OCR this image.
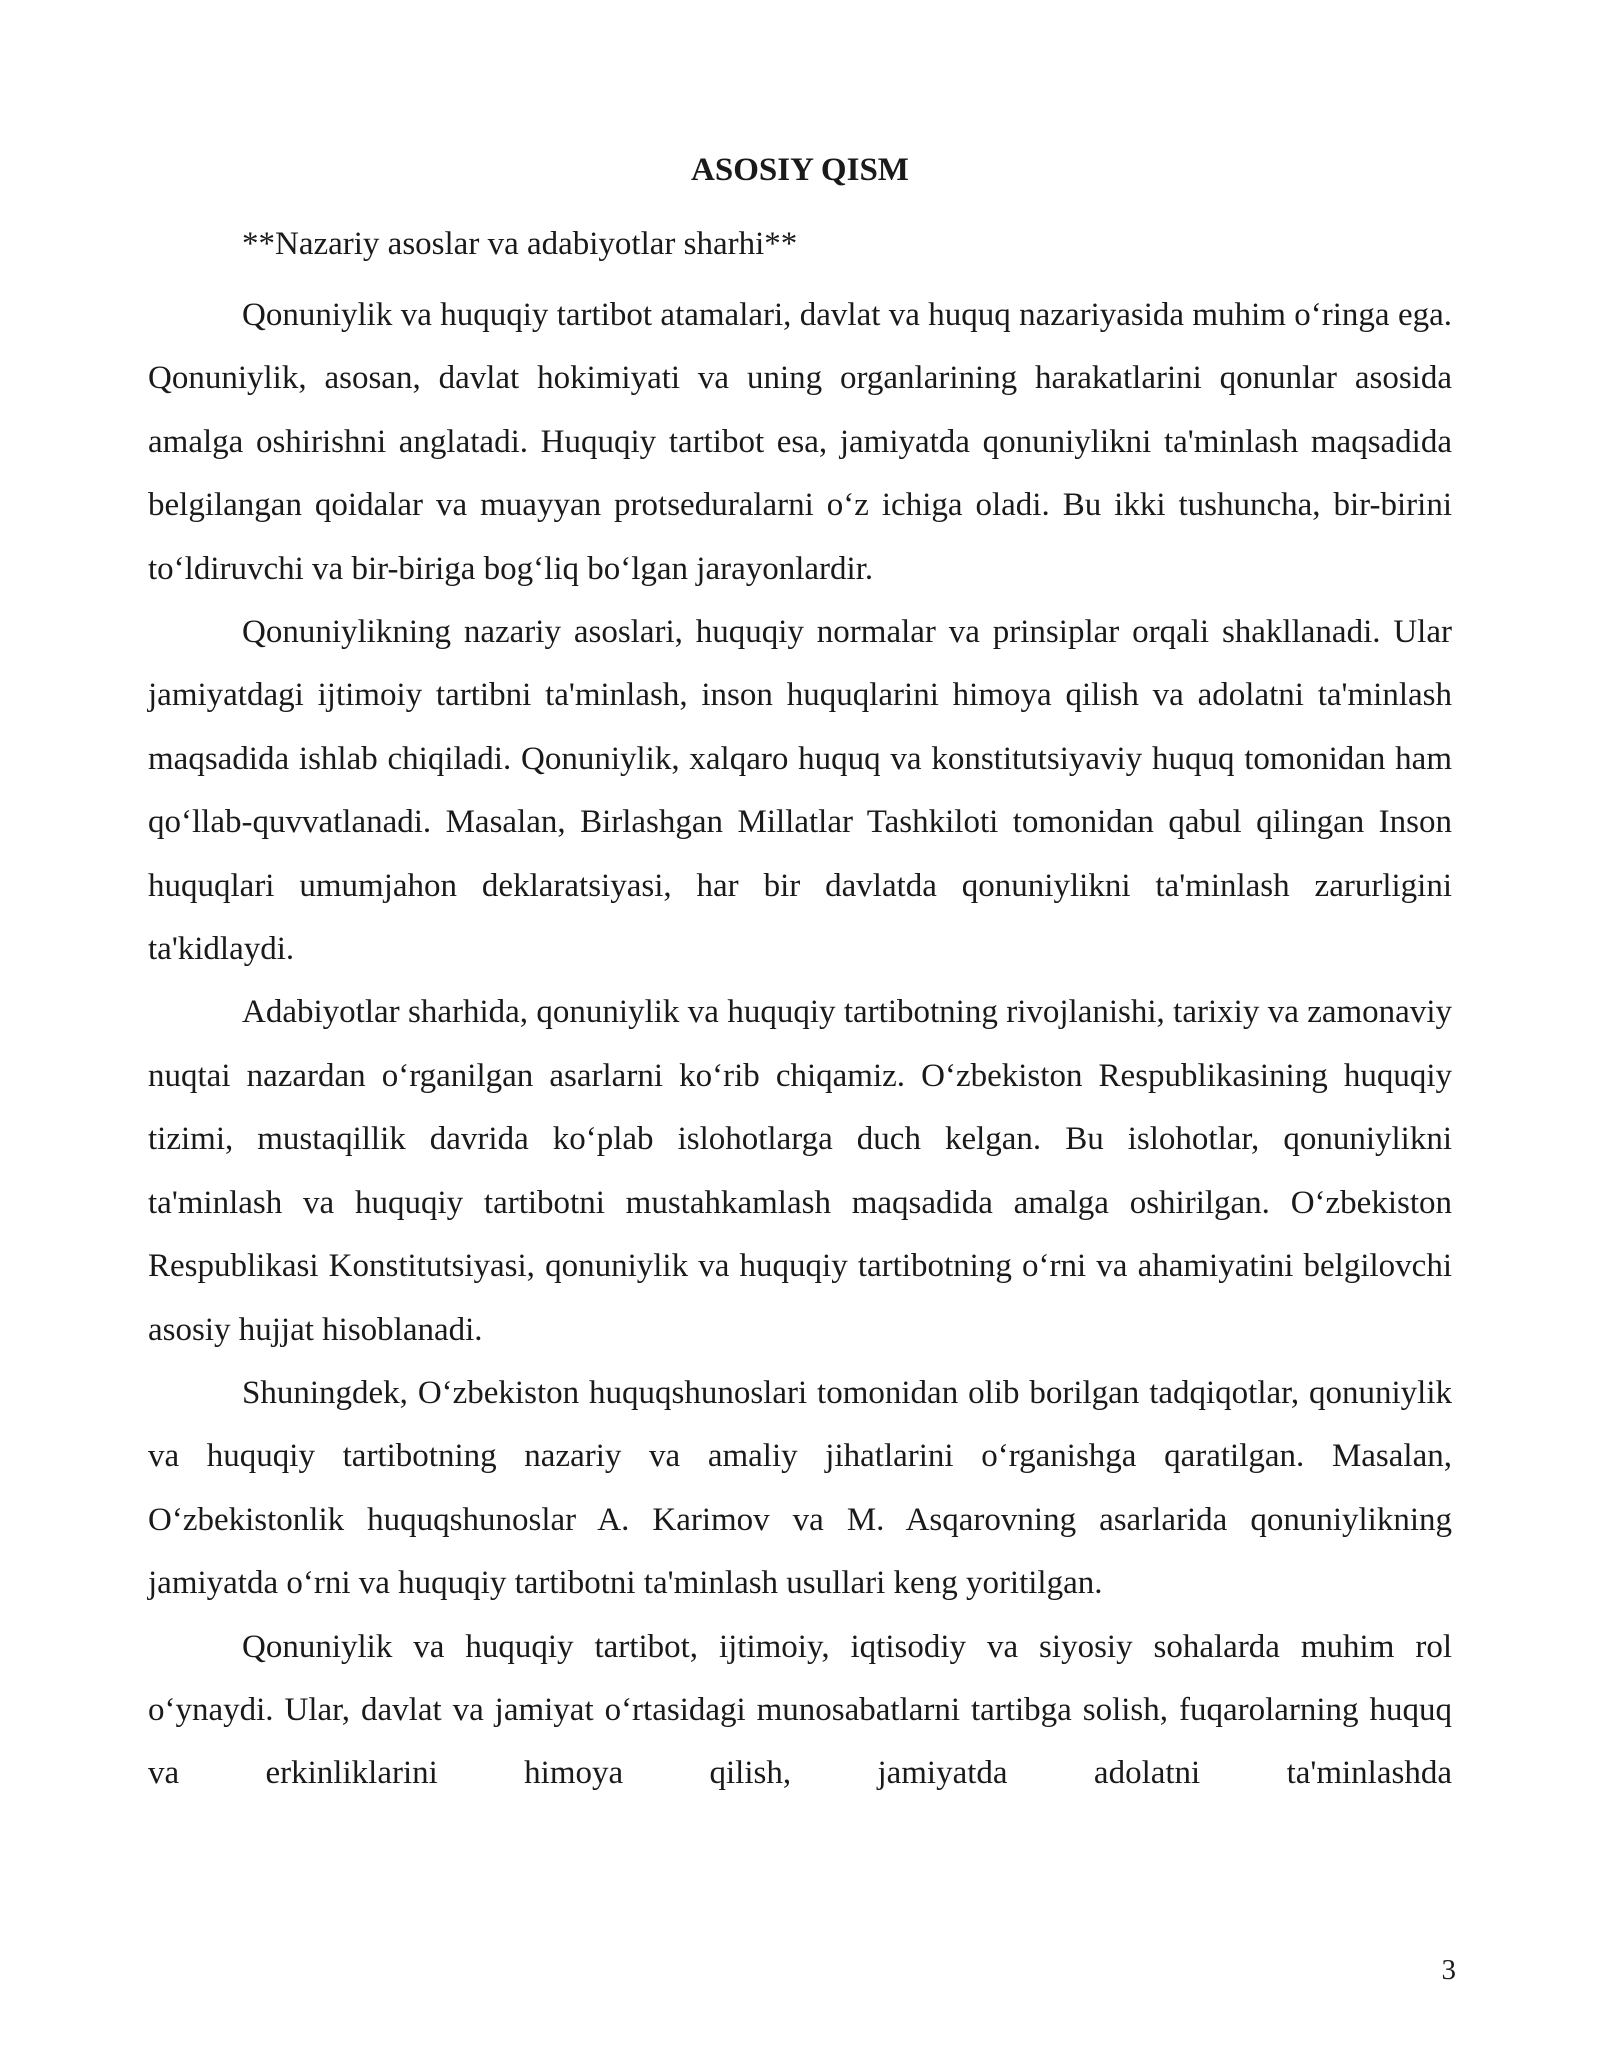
ASOSIY QISM

**Nazariy asoslar va adabiyotlar sharhi**

Qonuniylik va huquqiy tartibot atamalari, davlat va huquq nazariyasida muhim o‘ringa ega. Qonuniylik, asosan, davlat hokimiyati va uning organlarining harakatlarini qonunlar asosida amalga oshirishni anglatadi. Huquqiy tartibot esa, jamiyatda qonuniylikni ta'minlash maqsadida belgilangan qoidalar va muayyan protseduralarni o‘z ichiga oladi. Bu ikki tushuncha, bir-birini to‘ldiruvchi va bir-biriga bog‘liq bo‘lgan jarayonlardir.

Qonuniylikning nazariy asoslari, huquqiy normalar va prinsiplar orqali shakllanadi. Ular jamiyatdagi ijtimoiy tartibni ta'minlash, inson huquqlarini himoya qilish va adolatni ta'minlash maqsadida ishlab chiqiladi. Qonuniylik, xalqaro huquq va konstitutsiyaviy huquq tomonidan ham qo‘llab-quvvatlanadi. Masalan, Birlashgan Millatlar Tashkiloti tomonidan qabul qilingan Inson huquqlari umumjahon deklaratsiyasi, har bir davlatda qonuniylikni ta'minlash zarurligini ta'kidlaydi.

Adabiyotlar sharhida, qonuniylik va huquqiy tartibotning rivojlanishi, tarixiy va zamonaviy nuqtai nazardan o‘rganilgan asarlarni ko‘rib chiqamiz. O‘zbekiston Respublikasining huquqiy tizimi, mustaqillik davrida ko‘plab islohotlarga duch kelgan. Bu islohotlar, qonuniylikni ta'minlash va huquqiy tartibotni mustahkamlash maqsadida amalga oshirilgan. O‘zbekiston Respublikasi Konstitutsiyasi, qonuniylik va huquqiy tartibotning o‘rni va ahamiyatini belgilovchi asosiy hujjat hisoblanadi.

Shuningdek, O‘zbekiston huquqshunoslari tomonidan olib borilgan tadqiqotlar, qonuniylik va huquqiy tartibotning nazariy va amaliy jihatlarini o‘rganishga qaratilgan. Masalan, O‘zbekistonlik huquqshunoslar A. Karimov va M. Asqarovning asarlarida qonuniylikning jamiyatda o‘rni va huquqiy tartibotni ta'minlash usullari keng yoritilgan.

Qonuniylik va huquqiy tartibot, ijtimoiy, iqtisodiy va siyosiy sohalarda muhim rol o‘ynaydi. Ular, davlat va jamiyat o‘rtasidagi munosabatlarni tartibga solish, fuqarolarning huquq va erkinliklarini himoya qilish, jamiyatda adolatni ta'minlashda

3
